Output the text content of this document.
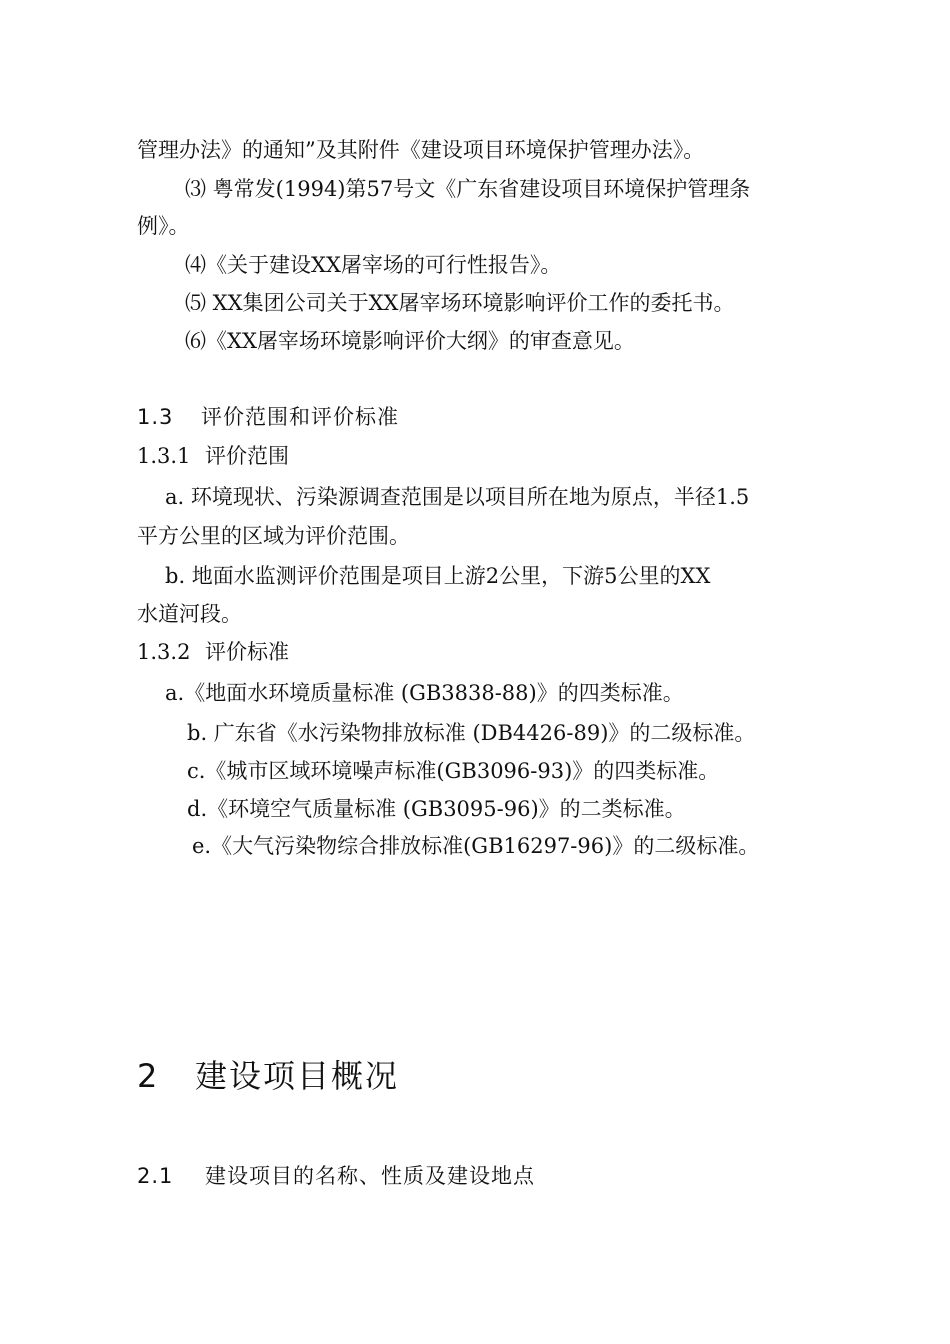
管理办法》的通知”及其附件《建设项目环境保护管理办法》。
⑶ 粤常发(1994)第57号文《广东省建设项目环境保护管理条
例》。
⑷《关于建设XX屠宰场的可行性报告》。
⑸ XX集团公司关于XX屠宰场环境影响评价工作的委托书。
⑹《XX屠宰场环境影响评价大纲》的审查意见。
1.3 评价范围和评价标准
1.3.1 评价范围
a. 环境现状、污染源调查范围是以项目所在地为原点，半径1.5
平方公里的区域为评价范围。
b. 地面水监测评价范围是项目上游2公里，下游5公里的XX
水道河段。
1.3.2 评价标准
a.《地面水环境质量标准 (GB3838-88)》的四类标准。
b. 广东省《水污染物排放标准 (DB4426-89)》的二级标准。
c.《城市区域环境噪声标准(GB3096-93)》的四类标准。
d.《环境空气质量标准 (GB3095-96)》的二类标准。
e.《大气污染物综合排放标准(GB16297-96)》的二级标准。
2 建设项目概况
2.1 建设项目的名称、性质及建设地点
